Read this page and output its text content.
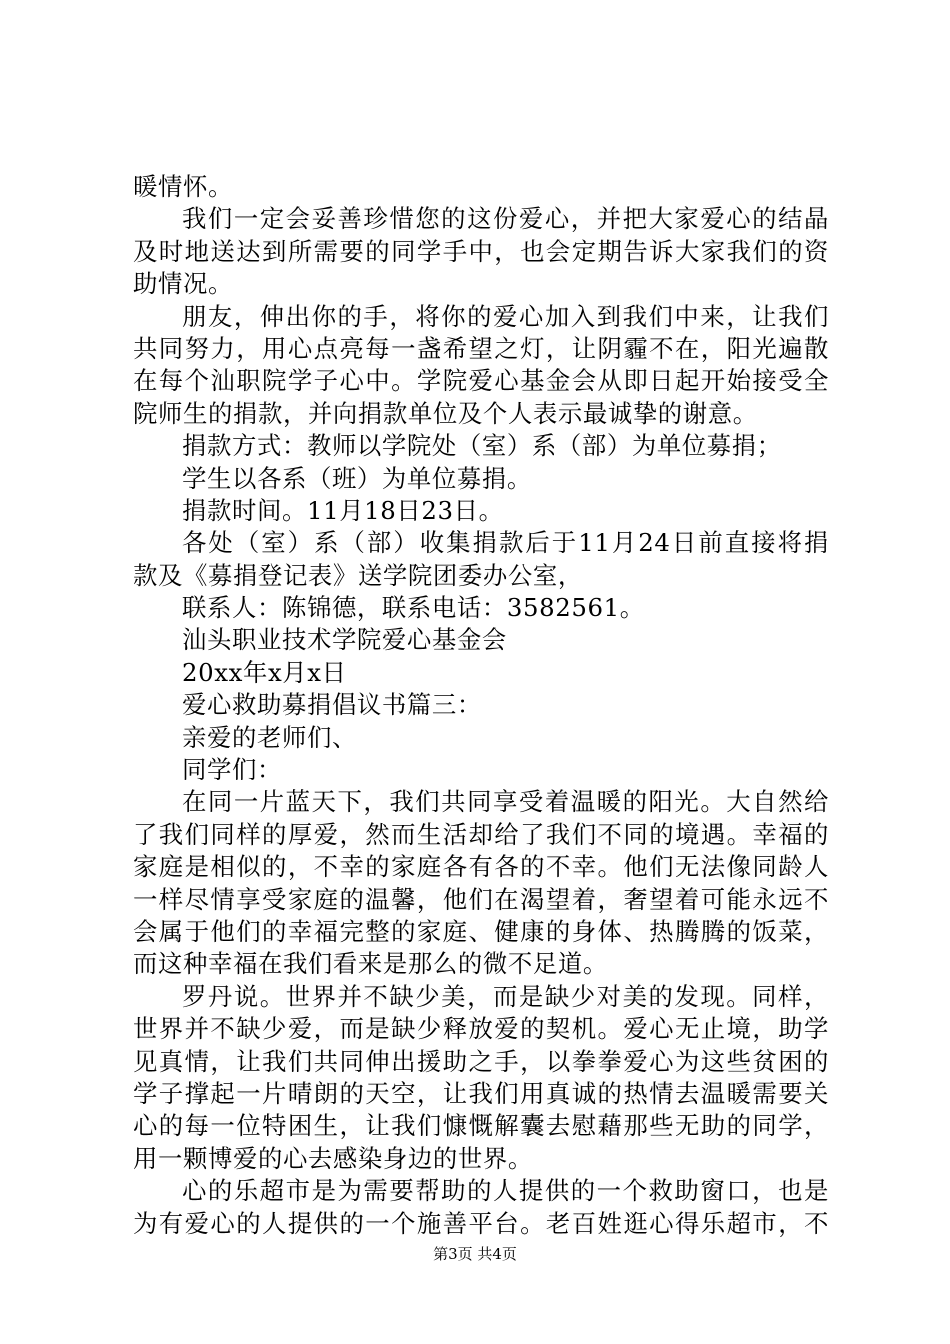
暖情怀。
我们一定会妥善珍惜您的这份爱心，并把大家爱心的结晶
及时地送达到所需要的同学手中，也会定期告诉大家我们的资
助情况。
朋友，伸出你的手，将你的爱心加入到我们中来，让我们
共同努力，用心点亮每一盏希望之灯，让阴霾不在，阳光遍散
在每个汕职院学子心中。学院爱心基金会从即日起开始接受全
院师生的捐款，并向捐款单位及个人表示最诚挚的谢意。
捐款方式：教师以学院处（室）系（部）为单位募捐；
学生以各系（班）为单位募捐。
捐款时间。11月18日23日。
各处（室）系（部）收集捐款后于11月24日前直接将捐
款及《募捐登记表》送学院团委办公室，
联系人：陈锦德，联系电话：3582561。
汕头职业技术学院爱心基金会
20xx年x月x日
爱心救助募捐倡议书篇三：
亲爱的老师们、
同学们：
在同一片蓝天下，我们共同享受着温暖的阳光。大自然给
了我们同样的厚爱，然而生活却给了我们不同的境遇。幸福的
家庭是相似的，不幸的家庭各有各的不幸。他们无法像同龄人
一样尽情享受家庭的温馨，他们在渴望着，奢望着可能永远不
会属于他们的幸福完整的家庭、健康的身体、热腾腾的饭菜，
而这种幸福在我们看来是那么的微不足道。
罗丹说。世界并不缺少美，而是缺少对美的发现。同样，
世界并不缺少爱，而是缺少释放爱的契机。爱心无止境，助学
见真情，让我们共同伸出援助之手，以拳拳爱心为这些贫困的
学子撑起一片晴朗的天空，让我们用真诚的热情去温暖需要关
心的每一位特困生，让我们慷慨解囊去慰藉那些无助的同学，
用一颗博爱的心去感染身边的世界。
心的乐超市是为需要帮助的人提供的一个救助窗口，也是
为有爱心的人提供的一个施善平台。老百姓逛心得乐超市，不
第3页 共4页
